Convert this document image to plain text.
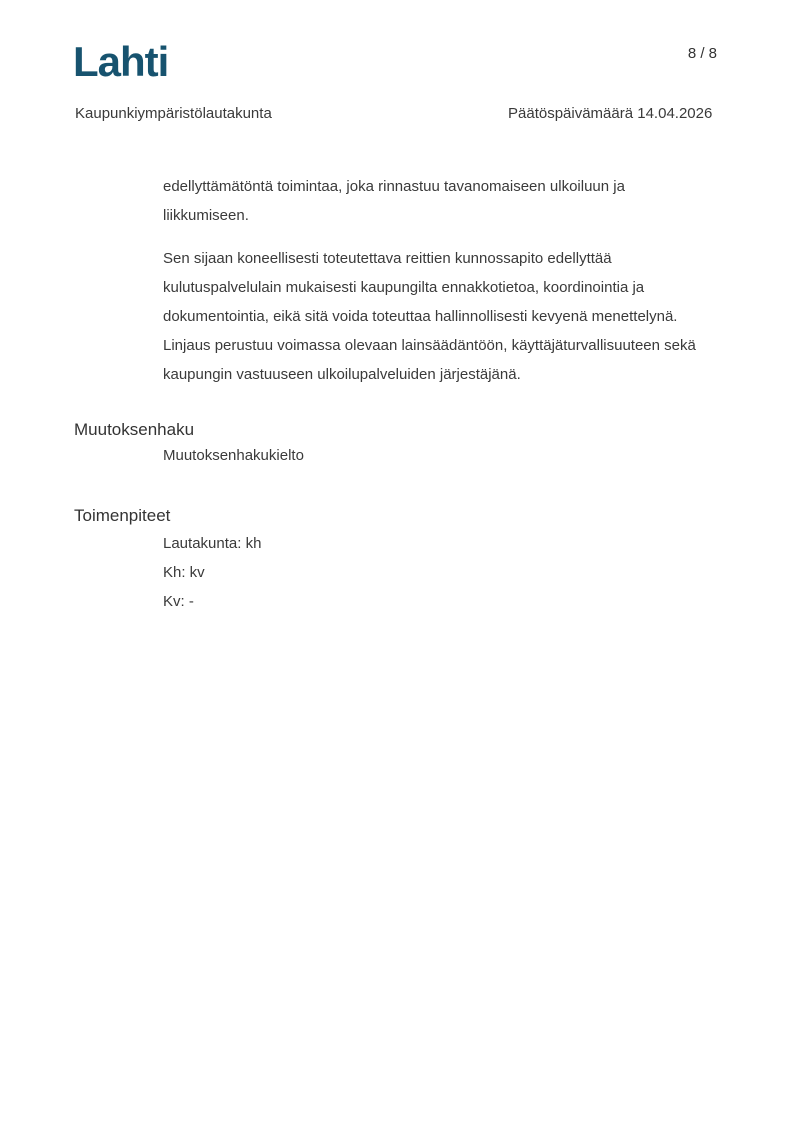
Lahti	8 / 8
Kaupunkiympäristölautakunta	Päätöspäivämäärä 14.04.2026
edellyttämätöntä toimintaa, joka rinnastuu tavanomaiseen ulkoiluun ja
liikkumiseen.
Sen sijaan koneellisesti toteutettava reittien kunnossapito edellyttää
kulutuspalvelulain mukaisesti kaupungilta ennakkotietoa, koordinointia ja
dokumentointia, eikä sitä voida toteuttaa hallinnollisesti kevyenä menettelynä.
Linjaus perustuu voimassa olevaan lainsäädäntöön, käyttäjäturvallisuuteen sekä
kaupungin vastuuseen ulkoilupalveluiden järjestäjänä.
Muutoksenhaku
Muutoksenhakukielto
Toimenpiteet
Lautakunta: kh
Kh: kv
Kv: -
